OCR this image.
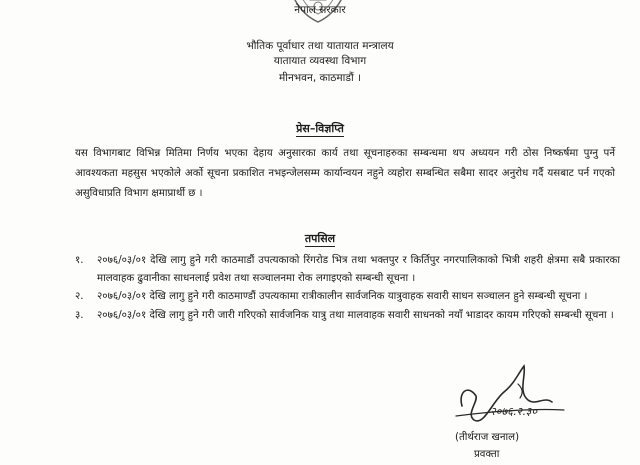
नेपाल सरकार
भौतिक पूर्वाधार तथा यातायात मन्त्रालय
यातायात व्यवस्था विभाग
मीनभवन, काठमाडौं ।
प्रेस–विज्ञप्ति

यस विभागबाट विभिन्न मितिमा निर्णय भएका देहाय अनुसारका कार्य तथा सूचनाहरुका सम्बन्धमा थप अध्ययन गरी ठोस निष्कर्षमा पुग्नु पर्ने आवश्यकता महसुस भएकोले अर्को सूचना प्रकाशित नभइन्जेलसम्म कार्यान्वयन नहुने व्यहोरा सम्बन्धित सबैमा सादर अनुरोध गर्दै यसबाट पर्न गएको असुविधाप्रति विभाग क्षमाप्रार्थी छ ।

तपसिल
१. २०७६/०३/०१ देखि लागु हुने गरी काठमाडौं उपत्यकाको रिंगरोड भित्र तथा भक्तपुर र किर्तिपुर नगरपालिकाको भित्री शहरी क्षेत्रमा सबै प्रकारका मालवाहक ढुवानीका साधनलाई प्रवेश तथा सञ्चालनमा रोक लगाइएको सम्बन्धी सूचना ।
२. २०७६/०३/०१ देखि लागु हुने गरी काठमाण्डौं उपत्यकामा रात्रीकालीन सार्वजनिक यात्रुवाहक सवारी साधन सञ्चालन हुने सम्बन्धी सूचना ।
३. २०७६/०३/०१ देखि लागु हुने गरी जारी गरिएको सार्वजनिक यात्रु तथा मालवाहक सवारी साधनको नयाँ भाडादर कायम गरिएको सम्बन्धी सूचना ।
२०७६.२.३०
(तीर्थराज खनाल)
प्रवक्ता
